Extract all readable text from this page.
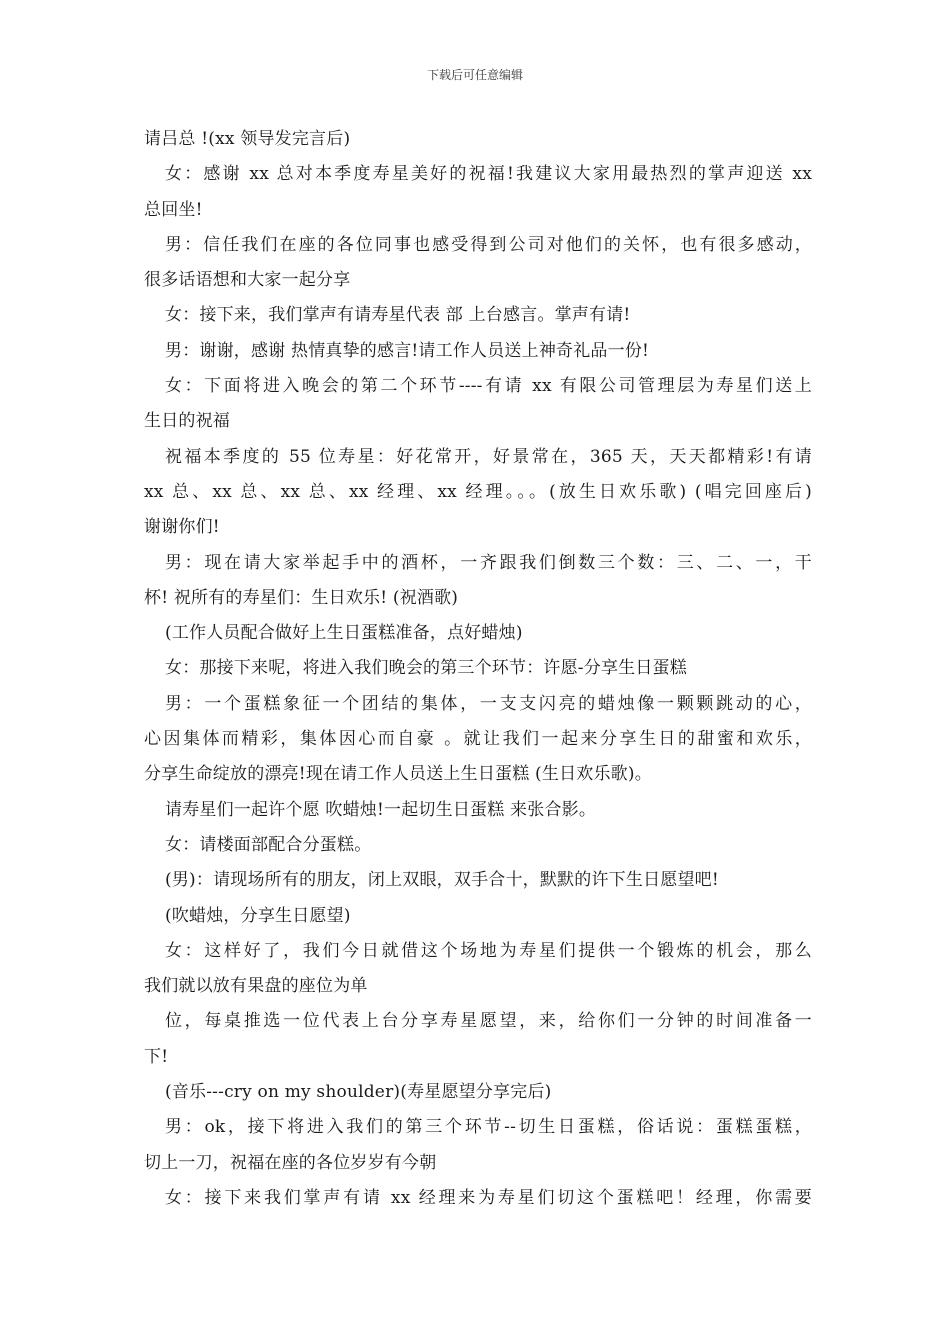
下载后可任意编辑
请吕总 !(xx 领导发完言后)
女：感谢 xx 总对本季度寿星美好的祝福!我建议大家用最热烈的掌声迎送 xx
总回坐!
男：信任我们在座的各位同事也感受得到公司对他们的关怀，也有很多感动，
很多话语想和大家一起分享
女：接下来，我们掌声有请寿星代表 部 上台感言。掌声有请!
男：谢谢，感谢 热情真挚的感言!请工作人员送上神奇礼品一份!
女：下面将进入晚会的第二个环节----有请 xx 有限公司管理层为寿星们送上
生日的祝福
祝福本季度的 55 位寿星：好花常开，好景常在，365 天，天天都精彩!有请
xx 总、xx 总、xx 总、xx 经理、xx 经理。。。(放生日欢乐歌) (唱完回座后)
谢谢你们!
男：现在请大家举起手中的酒杯，一齐跟我们倒数三个数：三、二、一，干
杯! 祝所有的寿星们：生日欢乐! (祝酒歌)
(工作人员配合做好上生日蛋糕准备，点好蜡烛)
女：那接下来呢，将进入我们晚会的第三个环节：许愿-分享生日蛋糕
男：一个蛋糕象征一个团结的集体，一支支闪亮的蜡烛像一颗颗跳动的心，
心因集体而精彩，集体因心而自豪 。就让我们一起来分享生日的甜蜜和欢乐，
分享生命绽放的漂亮!现在请工作人员送上生日蛋糕 (生日欢乐歌)。
请寿星们一起许个愿 吹蜡烛!一起切生日蛋糕 来张合影。
女：请楼面部配合分蛋糕。
(男)：请现场所有的朋友，闭上双眼，双手合十，默默的许下生日愿望吧!
(吹蜡烛，分享生日愿望)
女：这样好了，我们今日就借这个场地为寿星们提供一个锻炼的机会，那么
我们就以放有果盘的座位为单
位，每桌推选一位代表上台分享寿星愿望，来，给你们一分钟的时间准备一
下!
(音乐---cry on my shoulder)(寿星愿望分享完后)
男：ok，接下将进入我们的第三个环节--切生日蛋糕，俗话说：蛋糕蛋糕，
切上一刀，祝福在座的各位岁岁有今朝
女：接下来我们掌声有请 xx 经理来为寿星们切这个蛋糕吧！经理，你需要
